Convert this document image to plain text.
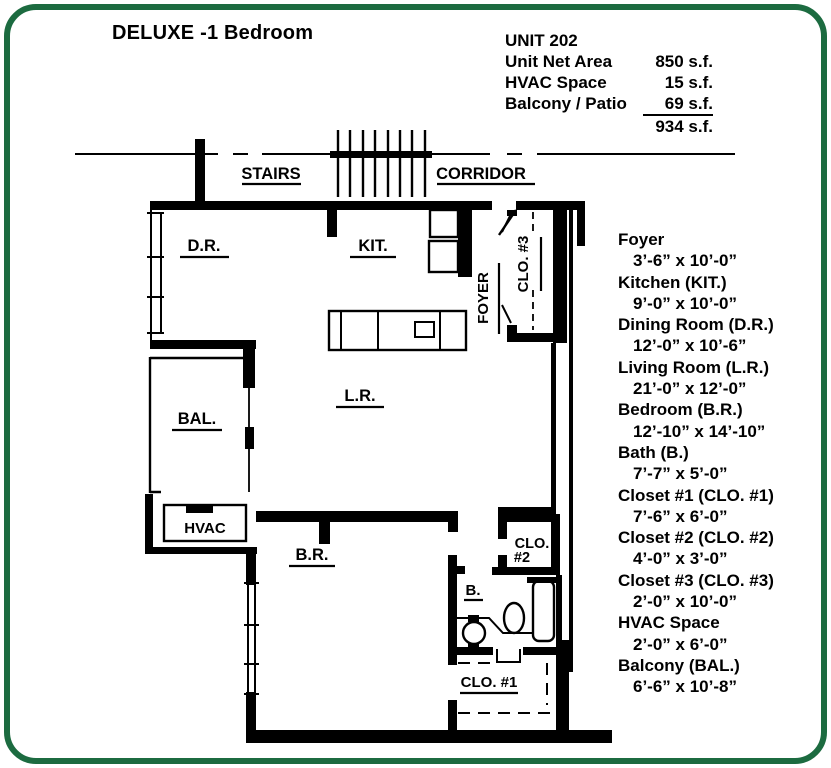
DELUXE -1 Bedroom	UNIT 202
Unit Net Area	850 s.f.
HVAC Space	15 s.f.
Balcony / Patio	69 s.f.
934 s.f.
Foyer
3’-6” x 10’-0”
Kitchen (KIT.)
9’-0” x 10’-0”
Dining Room (D.R.)
12’-0” x 10’-6”
Living Room (L.R.)
21’-0” x 12’-0”
Bedroom (B.R.)
12’-10” x 14’-10”
Bath (B.)
7’-7” x 5’-0”
Closet #1 (CLO. #1)
7’-6” x 6’-0”
Closet #2 (CLO. #2)
4’-0” x 3’-0”
Closet #3 (CLO. #3)
2’-0” x 10’-0”
HVAC Space
2’-0” x 6’-0”
Balcony (BAL.)
6’-6” x 10’-8”
STAIRS	CORRIDOR
D.R.	KIT.
FOYER
CLO. #3
L.R.
BAL.
HVAC
B.R.
B.
CLO.
#2
CLO. #1
